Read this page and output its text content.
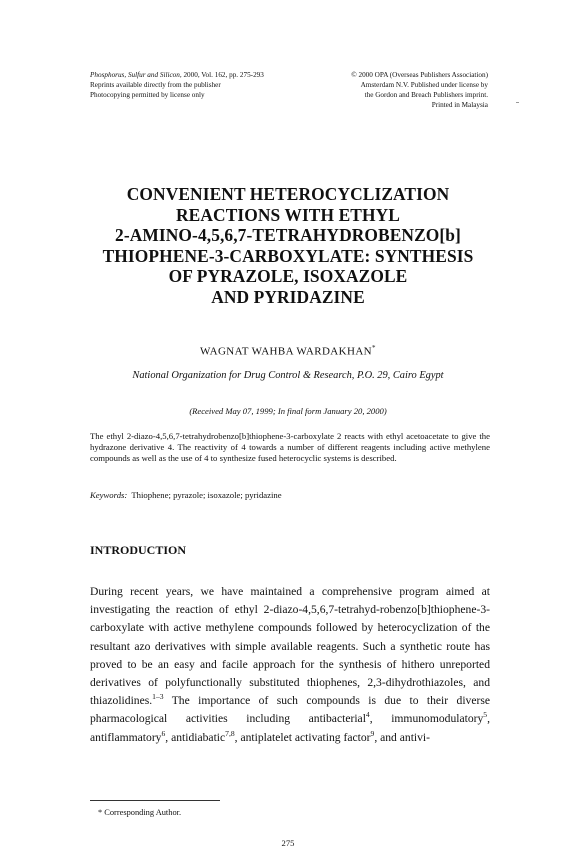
Phosphorus, Sulfur and Silicon, 2000, Vol. 162, pp. 275-293
Reprints available directly from the publisher
Photocopying permitted by license only
© 2000 OPA (Overseas Publishers Association)
Amsterdam N.V. Published under license by
the Gordon and Breach Publishers imprint.
Printed in Malaysia
CONVENIENT HETEROCYCLIZATION
REACTIONS WITH ETHYL
2-AMINO-4,5,6,7-TETRAHYDROBENZO[b]
THIOPHENE-3-CARBOXYLATE: SYNTHESIS
OF PYRAZOLE, ISOXAZOLE
AND PYRIDAZINE
WAGNAT WAHBA WARDAKHAN*
National Organization for Drug Control & Research, P.O. 29, Cairo Egypt
(Received May 07, 1999; In final form January 20, 2000)
The ethyl 2-diazo-4,5,6,7-tetrahydrobenzo[b]thiophene-3-carboxylate 2 reacts with ethyl acetoacetate to give the hydrazone derivative 4. The reactivity of 4 towards a number of different reagents including active methylene compounds as well as the use of 4 to synthesize fused heterocyclic systems is described.
Keywords: Thiophene; pyrazole; isoxazole; pyridazine
INTRODUCTION
During recent years, we have maintained a comprehensive program aimed at investigating the reaction of ethyl 2-diazo-4,5,6,7-tetrahyd-robenzo[b]thiophene-3-carboxylate with active methylene compounds followed by heterocyclization of the resultant azo derivatives with simple available reagents. Such a synthetic route has proved to be an easy and facile approach for the synthesis of hithero unreported derivatives of polyfunctionally substituted thiophenes, 2,3-dihydrothiazoles, and thiazolidines.$^{1-3}$ The importance of such compounds is due to their diverse pharmacological activities including antibacterial$^4$, immunomodulatory$^5$, antiflammatory$^6$, antidiabatic$^{7,8}$, antiplatelet activating factor$^9$, and antivi-
* Corresponding Author.
275
